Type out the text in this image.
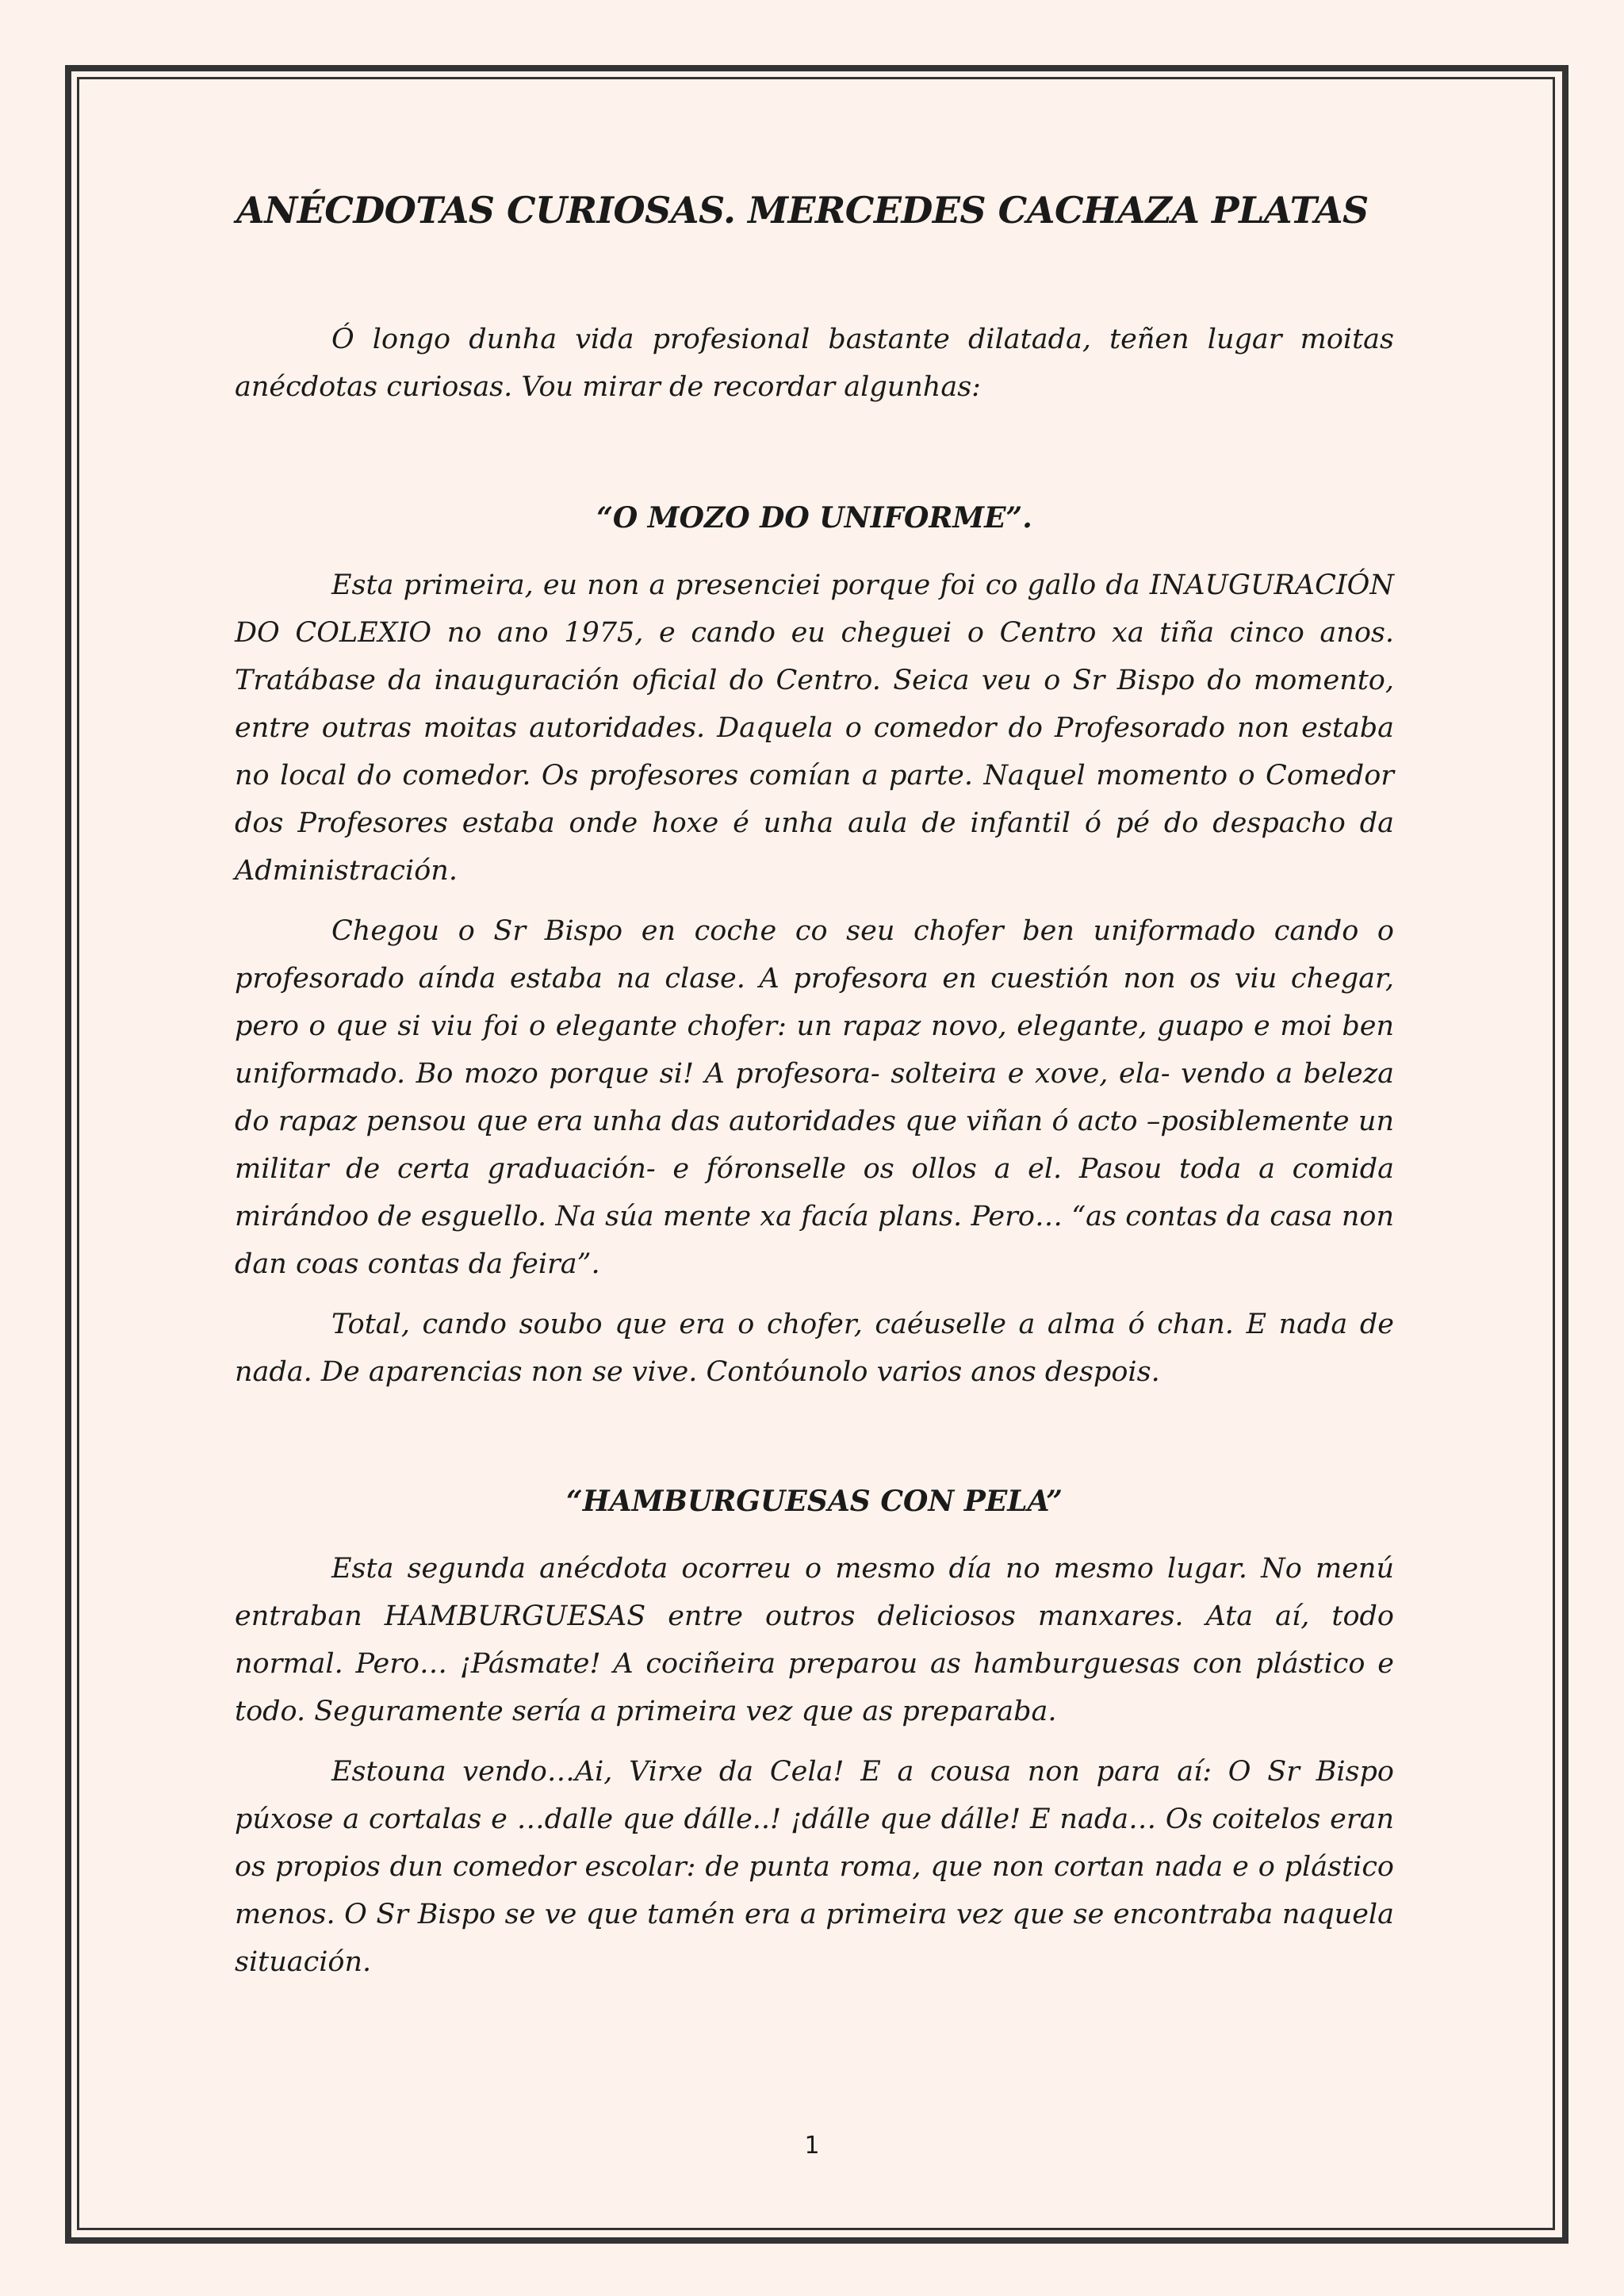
ANÉCDOTAS CURIOSAS. MERCEDES CACHAZA PLATAS

Ó longo dunha vida profesional bastante dilatada, teñen lugar moitas anécdotas curiosas. Vou mirar de recordar algunhas:

“O MOZO DO UNIFORME”.

Esta primeira, eu non a presenciei porque foi co gallo da INAUGURACIÓN DO COLEXIO no ano 1975, e cando eu cheguei o Centro xa tiña cinco anos. Tratábase da inauguración oficial do Centro. Seica veu o Sr Bispo do momento, entre outras moitas autoridades. Daquela o comedor do Profesorado non estaba no local do comedor. Os profesores comían a parte. Naquel momento o Comedor dos Profesores estaba onde hoxe é unha aula de infantil ó pé do despacho da Administración.

Chegou o Sr Bispo en coche co seu chofer ben uniformado cando o profesorado aínda estaba na clase. A profesora en cuestión non os viu chegar, pero o que si viu foi o elegante chofer: un rapaz novo, elegante, guapo e moi ben uniformado. Bo mozo porque si! A profesora- solteira e xove, ela- vendo a beleza do rapaz pensou que era unha das autoridades que viñan ó acto –posiblemente un militar de certa graduación- e fóronselle os ollos a el. Pasou toda a comida mirándoo de esguello. Na súa mente xa facía plans. Pero… “as contas da casa non dan coas contas da feira”.

Total, cando soubo que era o chofer, caéuselle a alma ó chan. E nada de nada. De aparencias non se vive. Contóunolo varios anos despois.

“HAMBURGUESAS CON PELA”

Esta segunda anécdota ocorreu o mesmo día no mesmo lugar. No menú entraban HAMBURGUESAS entre outros deliciosos manxares. Ata aí, todo normal. Pero… ¡Pásmate! A cociñeira preparou as hamburguesas con plástico e todo. Seguramente sería a primeira vez que as preparaba.

Estouna vendo…Ai, Virxe da Cela! E a cousa non para aí: O Sr Bispo púxose a cortalas e …dalle que dálle..! ¡dálle que dálle! E nada… Os coitelos eran os propios dun comedor escolar: de punta roma, que non cortan nada e o plástico menos. O Sr Bispo se ve que tamén era a primeira vez que se encontraba naquela situación.

1
